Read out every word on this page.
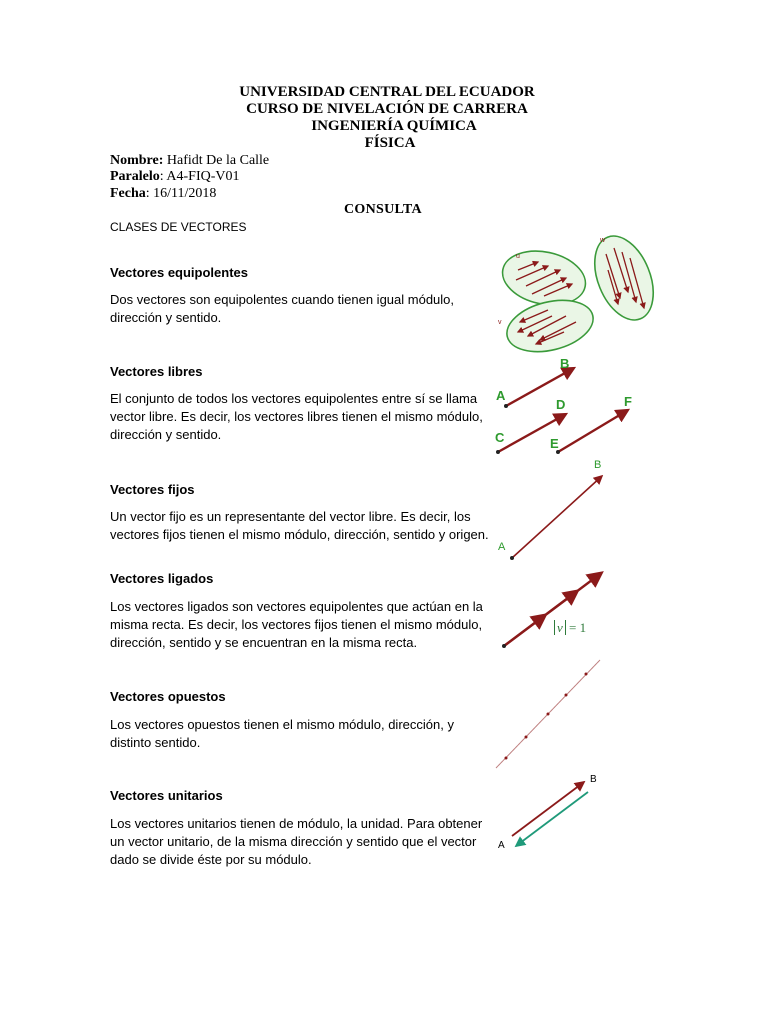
UNIVERSIDAD CENTRAL DEL ECUADOR
CURSO DE NIVELACIÓN DE CARRERA
INGENIERÍA QUÍMICA
FÍSICA
Nombre: Hafidt De la Calle
Paralelo: A4-FIQ-V01
Fecha: 16/11/2018
CONSULTA
CLASES DE VECTORES
Vectores equipolentes
Dos vectores son equipolentes cuando tienen igual módulo, dirección y sentido.
Vectores libres
El conjunto de todos los vectores equipolentes entre sí se llama vector libre. Es decir, los vectores libres tienen el mismo módulo, dirección y sentido.
Vectores fijos
Un vector fijo es un representante del vector libre. Es decir, los vectores fijos tienen el mismo módulo, dirección, sentido y origen.
Vectores ligados
Los vectores ligados son vectores equipolentes que actúan en la misma recta. Es decir, los vectores fijos tienen el mismo módulo, dirección, sentido y se encuentran en la misma recta.
Vectores opuestos
Los vectores opuestos tienen el mismo módulo, dirección, y distinto sentido.
Vectores unitarios
Los vectores unitarios tienen de módulo, la unidad. Para obtener un vector unitario, de la misma dirección y sentido que el vector dado se divide éste por su módulo.
u
w
v
A
B
C
D
E
F
A
B
v = 1
A
B
